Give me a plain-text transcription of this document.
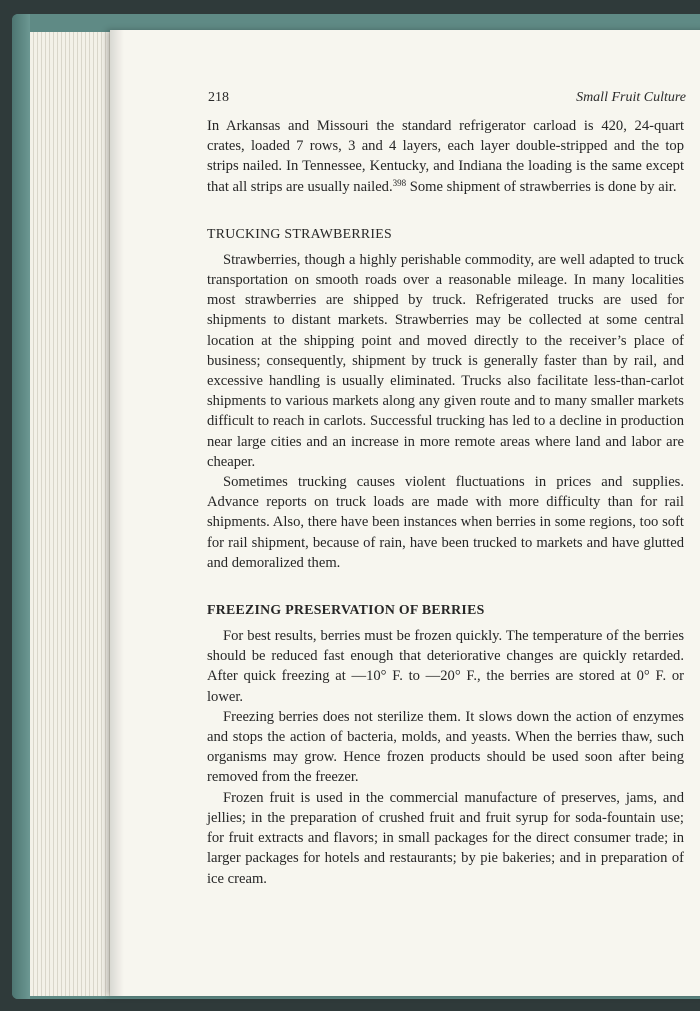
218	Small Fruit Culture

In Arkansas and Missouri the standard refrigerator carload is 420, 24-quart crates, loaded 7 rows, 3 and 4 layers, each layer double-stripped and the top strips nailed. In Tennessee, Kentucky, and Indiana the loading is the same except that all strips are usually nailed.$^{398}$ Some shipment of strawberries is done by air.

TRUCKING STRAWBERRIES

Strawberries, though a highly perishable commodity, are well adapted to truck transportation on smooth roads over a reasonable mileage. In many localities most strawberries are shipped by truck. Refrigerated trucks are used for shipments to distant markets. Strawberries may be collected at some central location at the shipping point and moved directly to the receiver’s place of business; consequently, shipment by truck is generally faster than by rail, and excessive handling is usually eliminated. Trucks also facilitate less-than-carlot shipments to various markets along any given route and to many smaller markets difficult to reach in carlots. Successful trucking has led to a decline in production near large cities and an increase in more remote areas where land and labor are cheaper.

Sometimes trucking causes violent fluctuations in prices and supplies. Advance reports on truck loads are made with more difficulty than for rail shipments. Also, there have been instances when berries in some regions, too soft for rail shipment, because of rain, have been trucked to markets and have glutted and demoralized them.

FREEZING PRESERVATION OF BERRIES

For best results, berries must be frozen quickly. The temperature of the berries should be reduced fast enough that deteriorative changes are quickly retarded. After quick freezing at —10° F. to —20° F., the berries are stored at 0° F. or lower.

Freezing berries does not sterilize them. It slows down the action of enzymes and stops the action of bacteria, molds, and yeasts. When the berries thaw, such organisms may grow. Hence frozen products should be used soon after being removed from the freezer.

Frozen fruit is used in the commercial manufacture of preserves, jams, and jellies; in the preparation of crushed fruit and fruit syrup for soda-fountain use; for fruit extracts and flavors; in small packages for the direct consumer trade; in larger packages for hotels and restaurants; by pie bakeries; and in preparation of ice cream.
